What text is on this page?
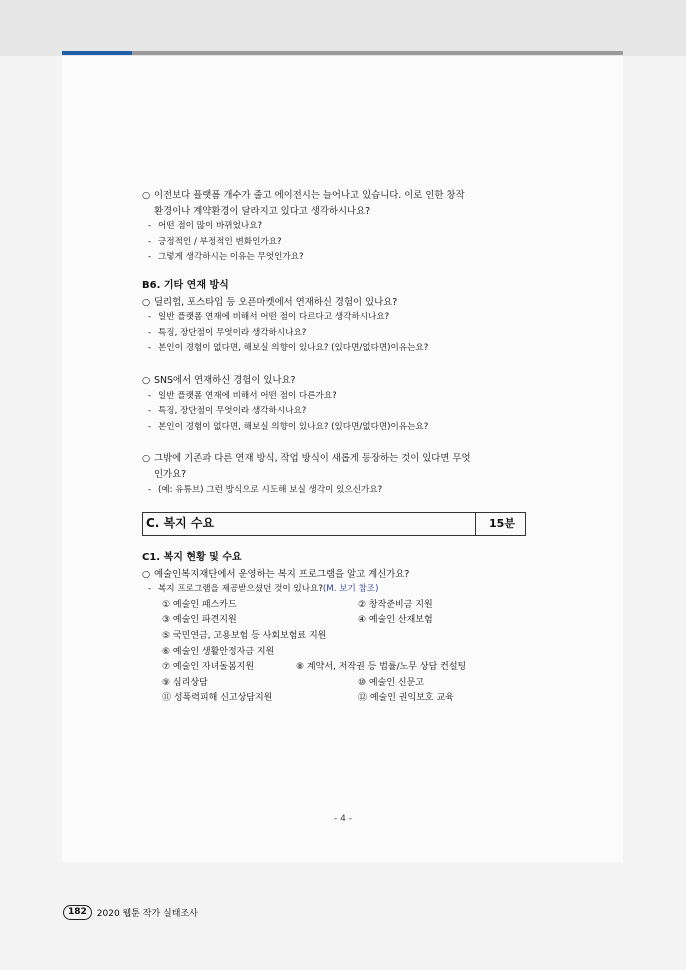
○ 이전보다 플랫폼 개수가 줄고 에이전시는 늘어나고 있습니다. 이로 인한 창작
환경이나 계약환경이 달라지고 있다고 생각하시나요?
- 어떤 점이 많이 바뀌었나요?
- 긍정적인 / 부정적인 변화인가요?
- 그렇게 생각하시는 이유는 무엇인가요?
B6. 기타 연재 방식
○ 딜리헙, 포스타입 등 오픈마켓에서 연재하신 경험이 있나요?
- 일반 플랫폼 연재에 비해서 어떤 점이 다르다고 생각하시나요?
- 특징, 장단점이 무엇이라 생각하시나요?
- 본인이 경험이 없다면, 해보실 의향이 있나요? (있다면/없다면)이유는요?
○ SNS에서 연재하신 경험이 있나요?
- 일반 플랫폼 연재에 비해서 어떤 점이 다른가요?
- 특징, 장단점이 무엇이라 생각하시나요?
- 본인이 경험이 없다면, 해보실 의향이 있나요? (있다면/없다면)이유는요?
○ 그밖에 기존과 다른 연재 방식, 작업 방식이 새롭게 등장하는 것이 있다면 무엇
인가요?
- (예: 유튜브) 그런 방식으로 시도해 보실 생각이 있으신가요?
C. 복지 수요	15분
C1. 복지 현황 및 수요
○ 예술인복지재단에서 운영하는 복지 프로그램을 알고 계신가요?
- 복지 프로그램을 제공받으셨던 것이 있나요?(M. 보기 참조)
① 예술인 패스카드	② 창작준비금 지원
③ 예술인 파견지원	④ 예술인 산재보험
⑤ 국민연금, 고용보험 등 사회보험료 지원
⑥ 예술인 생활안정자금 지원
⑦ 예술인 자녀돌봄지원	⑧ 계약서, 저작권 등 법률/노무 상담 컨설팅
⑨ 심리상담	⑩ 예술인 신문고
⑪ 성폭력피해 신고상담지원	⑫ 예술인 권익보호 교육
- 4 -
182	2020 웹툰 작가 실태조사
